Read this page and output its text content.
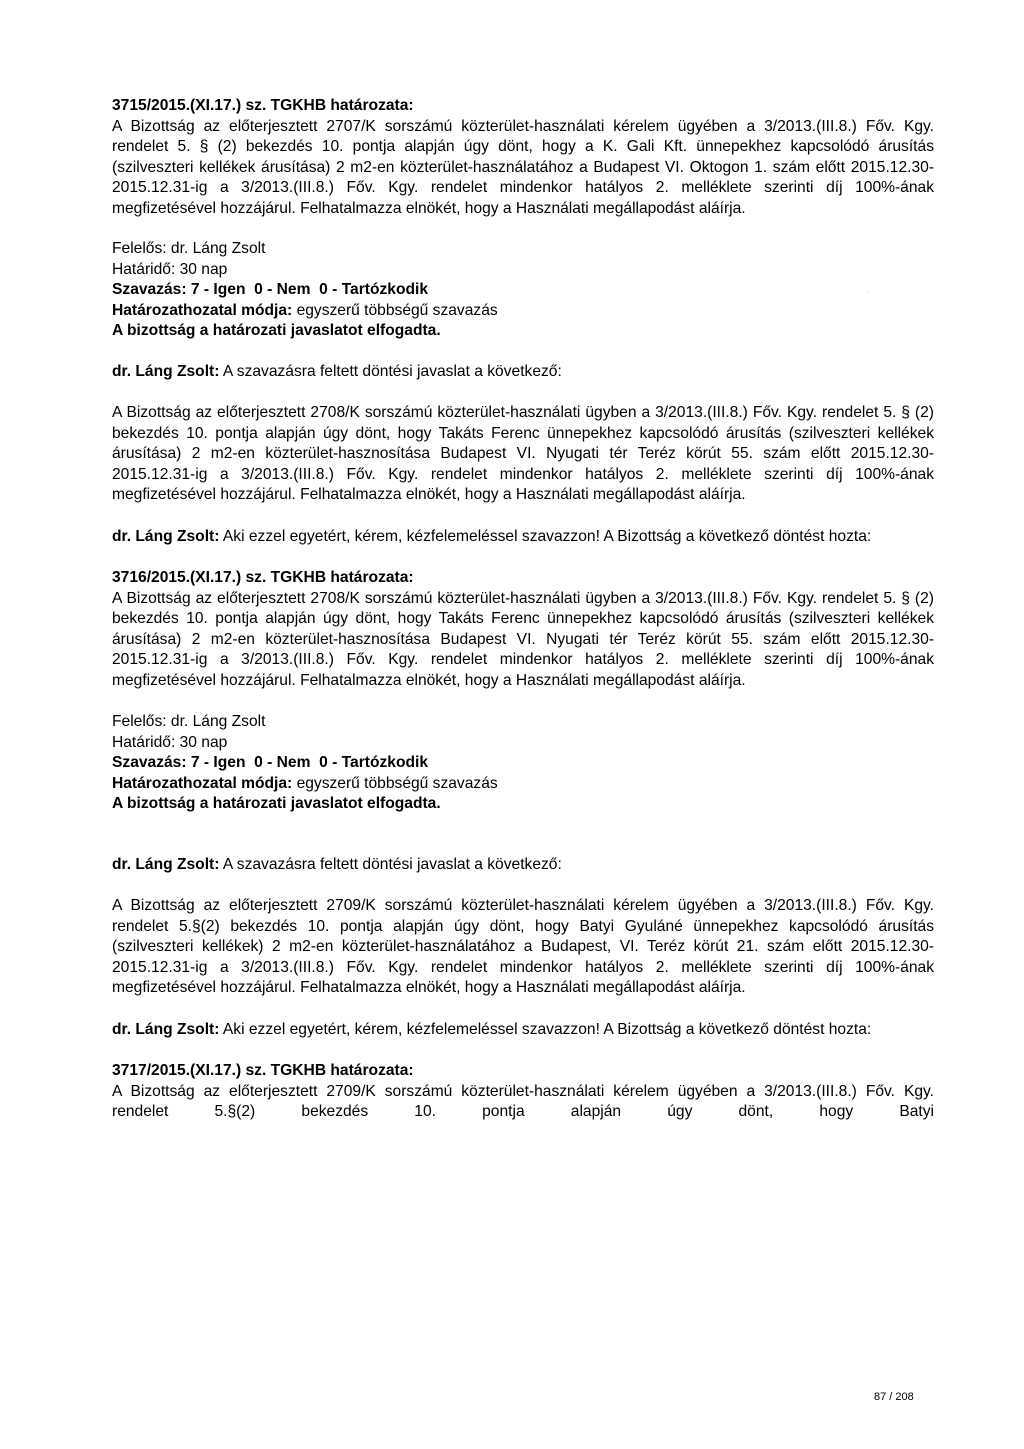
3715/2015.(XI.17.) sz. TGKHB határozata:

A Bizottság az előterjesztett 2707/K sorszámú közterület-használati kérelem ügyében a 3/2013.(III.8.) Főv. Kgy. rendelet 5. § (2) bekezdés 10. pontja alapján úgy dönt, hogy a K. Gali Kft. ünnepekhez kapcsolódó árusítás (szilveszteri kellékek árusítása) 2 m2-en közterület-használatához a Budapest VI. Oktogon 1. szám előtt 2015.12.30-2015.12.31-ig a 3/2013.(III.8.) Főv. Kgy. rendelet mindenkor hatályos 2. melléklete szerinti díj 100%-ának megfizetésével hozzájárul. Felhatalmazza elnökét, hogy a Használati megállapodást aláírja.

Felelős: dr. Láng Zsolt

Határidő: 30 nap

Szavazás: 7 - Igen  0 - Nem  0 - Tartózkodik

Határozathozatal módja: egyszerű többségű szavazás

A bizottság a határozati javaslatot elfogadta.

dr. Láng Zsolt: A szavazásra feltett döntési javaslat a következő:

A Bizottság az előterjesztett 2708/K sorszámú közterület-használati ügyben a 3/2013.(III.8.) Főv. Kgy. rendelet 5. § (2) bekezdés 10. pontja alapján úgy dönt, hogy Takáts Ferenc ünnepekhez kapcsolódó árusítás (szilveszteri kellékek árusítása) 2 m2-en közterület-hasznosítása Budapest VI. Nyugati tér Teréz körút 55. szám előtt 2015.12.30-2015.12.31-ig a 3/2013.(III.8.) Főv. Kgy. rendelet mindenkor hatályos 2. melléklete szerinti díj 100%-ának megfizetésével hozzájárul. Felhatalmazza elnökét, hogy a Használati megállapodást aláírja.

dr. Láng Zsolt: Aki ezzel egyetért, kérem, kézfelemeléssel szavazzon! A Bizottság a következő döntést hozta:

3716/2015.(XI.17.) sz. TGKHB határozata:

A Bizottság az előterjesztett 2708/K sorszámú közterület-használati ügyben a 3/2013.(III.8.) Főv. Kgy. rendelet 5. § (2) bekezdés 10. pontja alapján úgy dönt, hogy Takáts Ferenc ünnepekhez kapcsolódó árusítás (szilveszteri kellékek árusítása) 2 m2-en közterület-hasznosítása Budapest VI. Nyugati tér Teréz körút 55. szám előtt 2015.12.30-2015.12.31-ig a 3/2013.(III.8.) Főv. Kgy. rendelet mindenkor hatályos 2. melléklete szerinti díj 100%-ának megfizetésével hozzájárul. Felhatalmazza elnökét, hogy a Használati megállapodást aláírja.

Felelős: dr. Láng Zsolt

Határidő: 30 nap

Szavazás: 7 - Igen  0 - Nem  0 - Tartózkodik

Határozathozatal módja: egyszerű többségű szavazás

A bizottság a határozati javaslatot elfogadta.

dr. Láng Zsolt: A szavazásra feltett döntési javaslat a következő:

A Bizottság az előterjesztett 2709/K sorszámú közterület-használati kérelem ügyében a 3/2013.(III.8.) Főv. Kgy. rendelet 5.§(2) bekezdés 10. pontja alapján úgy dönt, hogy Batyi Gyuláné ünnepekhez kapcsolódó árusítás (szilveszteri kellékek) 2 m2-en közterület-használatához a Budapest, VI. Teréz körút 21. szám előtt 2015.12.30-2015.12.31-ig a 3/2013.(III.8.) Főv. Kgy. rendelet mindenkor hatályos 2. melléklete szerinti díj 100%-ának megfizetésével hozzájárul. Felhatalmazza elnökét, hogy a Használati megállapodást aláírja.

dr. Láng Zsolt: Aki ezzel egyetért, kérem, kézfelemeléssel szavazzon! A Bizottság a következő döntést hozta:

3717/2015.(XI.17.) sz. TGKHB határozata:

A Bizottság az előterjesztett 2709/K sorszámú közterület-használati kérelem ügyében a 3/2013.(III.8.) Főv. Kgy. rendelet 5.§(2) bekezdés 10. pontja alapján úgy dönt, hogy Batyi

.
87 / 208
